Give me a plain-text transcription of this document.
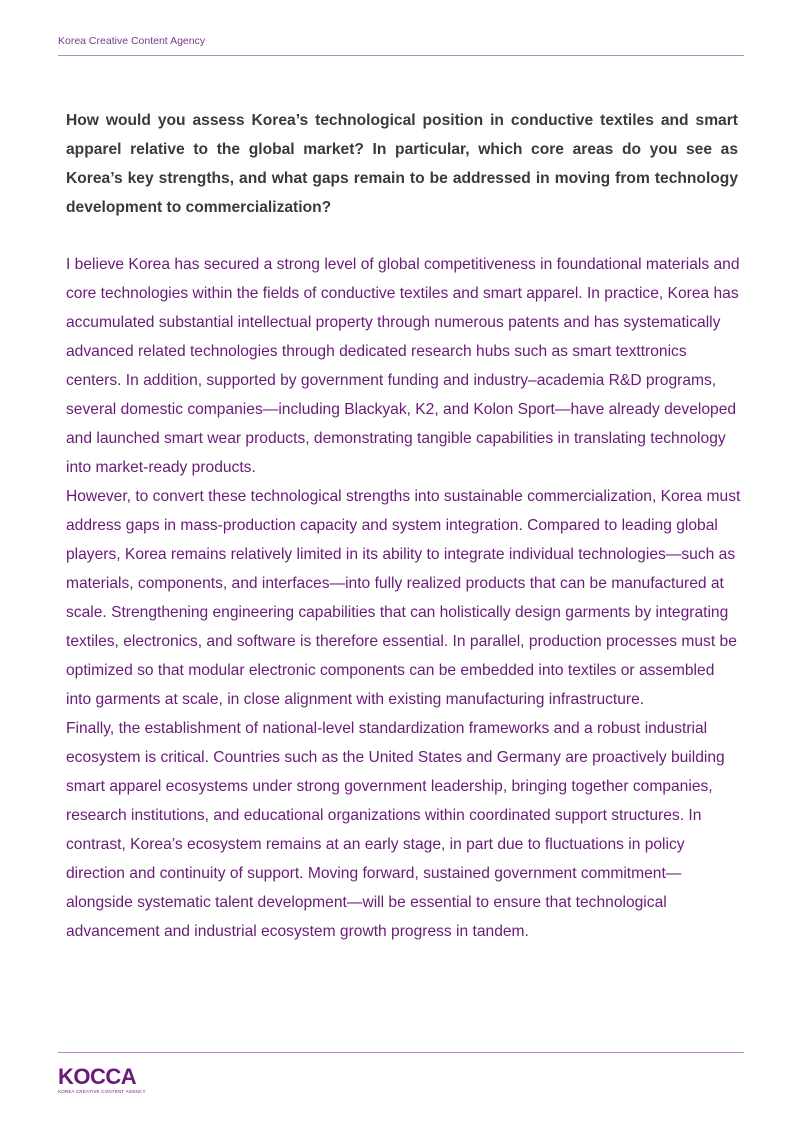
Korea Creative Content Agency
How would you assess Korea’s technological position in conductive textiles and smart apparel relative to the global market? In particular, which core areas do you see as Korea’s key strengths, and what gaps remain to be addressed in moving from technology development to commercialization?

I believe Korea has secured a strong level of global competitiveness in foundational materials and core technologies within the fields of conductive textiles and smart apparel. In practice, Korea has accumulated substantial intellectual property through numerous patents and has systematically advanced related technologies through dedicated research hubs such as smart texttronics centers. In addition, supported by government funding and industry–academia R&D programs, several domestic companies—including Blackyak, K2, and Kolon Sport—have already developed and launched smart wear products, demonstrating tangible capabilities in translating technology into market-ready products.

However, to convert these technological strengths into sustainable commercialization, Korea must address gaps in mass-production capacity and system integration. Compared to leading global players, Korea remains relatively limited in its ability to integrate individual technologies—such as materials, components, and interfaces—into fully realized products that can be manufactured at scale. Strengthening engineering capabilities that can holistically design garments by integrating textiles, electronics, and software is therefore essential. In parallel, production processes must be optimized so that modular electronic components can be embedded into textiles or assembled into garments at scale, in close alignment with existing manufacturing infrastructure.

Finally, the establishment of national-level standardization frameworks and a robust industrial ecosystem is critical. Countries such as the United States and Germany are proactively building smart apparel ecosystems under strong government leadership, bringing together companies, research institutions, and educational organizations within coordinated support structures. In contrast, Korea’s ecosystem remains at an early stage, in part due to fluctuations in policy direction and continuity of support. Moving forward, sustained government commitment—alongside systematic talent development—will be essential to ensure that technological advancement and industrial ecosystem growth progress in tandem.

KOCCA
KOREA CREATIVE CONTENT AGENCY
